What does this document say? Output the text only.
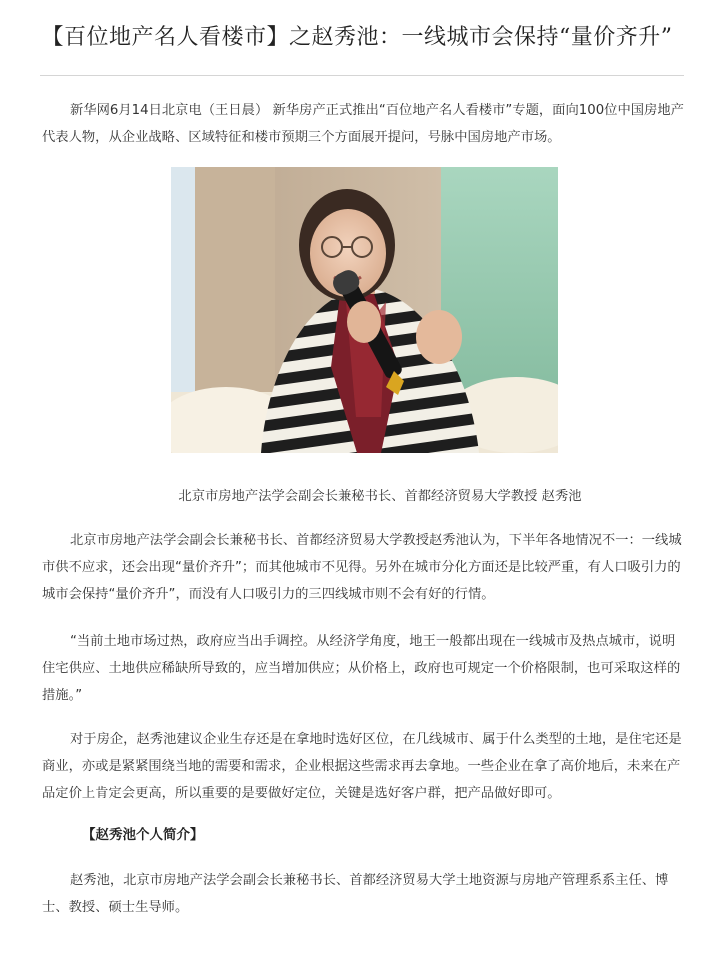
【百位地产名人看楼市】之赵秀池：一线城市会保持“量价齐升”

新华网6月14日北京电（王日晨） 新华房产正式推出“百位地产名人看楼市”专题，面向100位中国房地产代表人物，从企业战略、区域特征和楼市预期三个方面展开提问，号脉中国房地产市场。

北京市房地产法学会副会长兼秘书长、首都经济贸易大学教授 赵秀池

北京市房地产法学会副会长兼秘书长、首都经济贸易大学教授赵秀池认为，下半年各地情况不一：一线城市供不应求，还会出现“量价齐升”；而其他城市不见得。另外在城市分化方面还是比较严重，有人口吸引力的城市会保持“量价齐升”，而没有人口吸引力的三四线城市则不会有好的行情。

“当前土地市场过热，政府应当出手调控。从经济学角度，地王一般都出现在一线城市及热点城市，说明住宅供应、土地供应稀缺所导致的，应当增加供应；从价格上，政府也可规定一个价格限制，也可采取这样的措施。”

对于房企，赵秀池建议企业生存还是在拿地时选好区位，在几线城市、属于什么类型的土地，是住宅还是商业，亦或是紧紧围绕当地的需要和需求，企业根据这些需求再去拿地。一些企业在拿了高价地后，未来在产品定价上肯定会更高，所以重要的是要做好定位，关键是选好客户群，把产品做好即可。

【赵秀池个人简介】

赵秀池，北京市房地产法学会副会长兼秘书长、首都经济贸易大学土地资源与房地产管理系系主任、博士、教授、硕士生导师。
